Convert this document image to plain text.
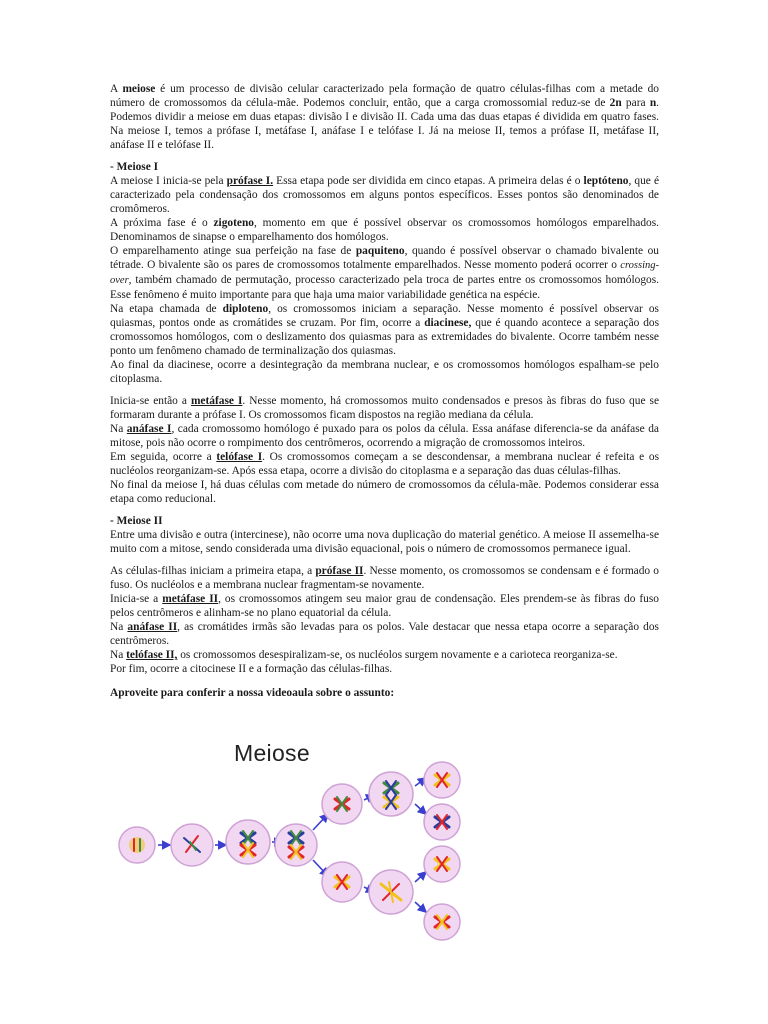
A meiose é um processo de divisão celular caracterizado pela formação de quatro células-filhas com a metade do número de cromossomos da célula-mãe. Podemos concluir, então, que a carga cromossomial reduz-se de 2n para n. Podemos dividir a meiose em duas etapas: divisão I e divisão II. Cada uma das duas etapas é dividida em quatro fases. Na meiose I, temos a prófase I, metáfase I, anáfase I e telófase I. Já na meiose II, temos a prófase II, metáfase II, anáfase II e telófase II.

- Meiose I

A meiose I inicia-se pela prófase I. Essa etapa pode ser dividida em cinco etapas. A primeira delas é o leptóteno, que é caracterizado pela condensação dos cromossomos em alguns pontos específicos. Esses pontos são denominados de cromômeros.

A próxima fase é o zigoteno, momento em que é possível observar os cromossomos homólogos emparelhados. Denominamos de sinapse o emparelhamento dos homólogos.

O emparelhamento atinge sua perfeição na fase de paquiteno, quando é possível observar o chamado bivalente ou tétrade. O bivalente são os pares de cromossomos totalmente emparelhados. Nesse momento poderá ocorrer o crossing-over, também chamado de permutação, processo caracterizado pela troca de partes entre os cromossomos homólogos. Esse fenômeno é muito importante para que haja uma maior variabilidade genética na espécie.

Na etapa chamada de diploteno, os cromossomos iniciam a separação. Nesse momento é possível observar os quiasmas, pontos onde as cromátides se cruzam. Por fim, ocorre a diacinese, que é quando acontece a separação dos cromossomos homólogos, com o deslizamento dos quiasmas para as extremidades do bivalente. Ocorre também nesse ponto um fenômeno chamado de terminalização dos quiasmas.

Ao final da diacinese, ocorre a desintegração da membrana nuclear, e os cromossomos homólogos espalham-se pelo citoplasma.

Inicia-se então a metáfase I. Nesse momento, há cromossomos muito condensados e presos às fibras do fuso que se formaram durante a prófase I. Os cromossomos ficam dispostos na região mediana da célula.

Na anáfase I, cada cromossomo homólogo é puxado para os polos da célula. Essa anáfase diferencia-se da anáfase da mitose, pois não ocorre o rompimento dos centrômeros, ocorrendo a migração de cromossomos inteiros.

Em seguida, ocorre a telófase I. Os cromossomos começam a se descondensar, a membrana nuclear é refeita e os nucléolos reorganizam-se. Após essa etapa, ocorre a divisão do citoplasma e a separação das duas células-filhas.

No final da meiose I, há duas células com metade do número de cromossomos da célula-mãe. Podemos considerar essa etapa como reducional.

- Meiose II

Entre uma divisão e outra (intercinese), não ocorre uma nova duplicação do material genético. A meiose II assemelha-se muito com a mitose, sendo considerada uma divisão equacional, pois o número de cromossomos permanece igual.

As células-filhas iniciam a primeira etapa, a prófase II. Nesse momento, os cromossomos se condensam e é formado o fuso. Os nucléolos e a membrana nuclear fragmentam-se novamente.

Inicia-se a metáfase II, os cromossomos atingem seu maior grau de condensação. Eles prendem-se às fibras do fuso pelos centrômeros e alinham-se no plano equatorial da célula.

Na anáfase II, as cromátides irmãs são levadas para os polos. Vale destacar que nessa etapa ocorre a separação dos centrômeros.

Na telófase II, os cromossomos desespiralizam-se, os nucléolos surgem novamente e a carioteca reorganiza-se.

Por fim, ocorre a citocinese II e a formação das células-filhas.

Aproveite para conferir a nossa videoaula sobre o assunto:

Meiose
